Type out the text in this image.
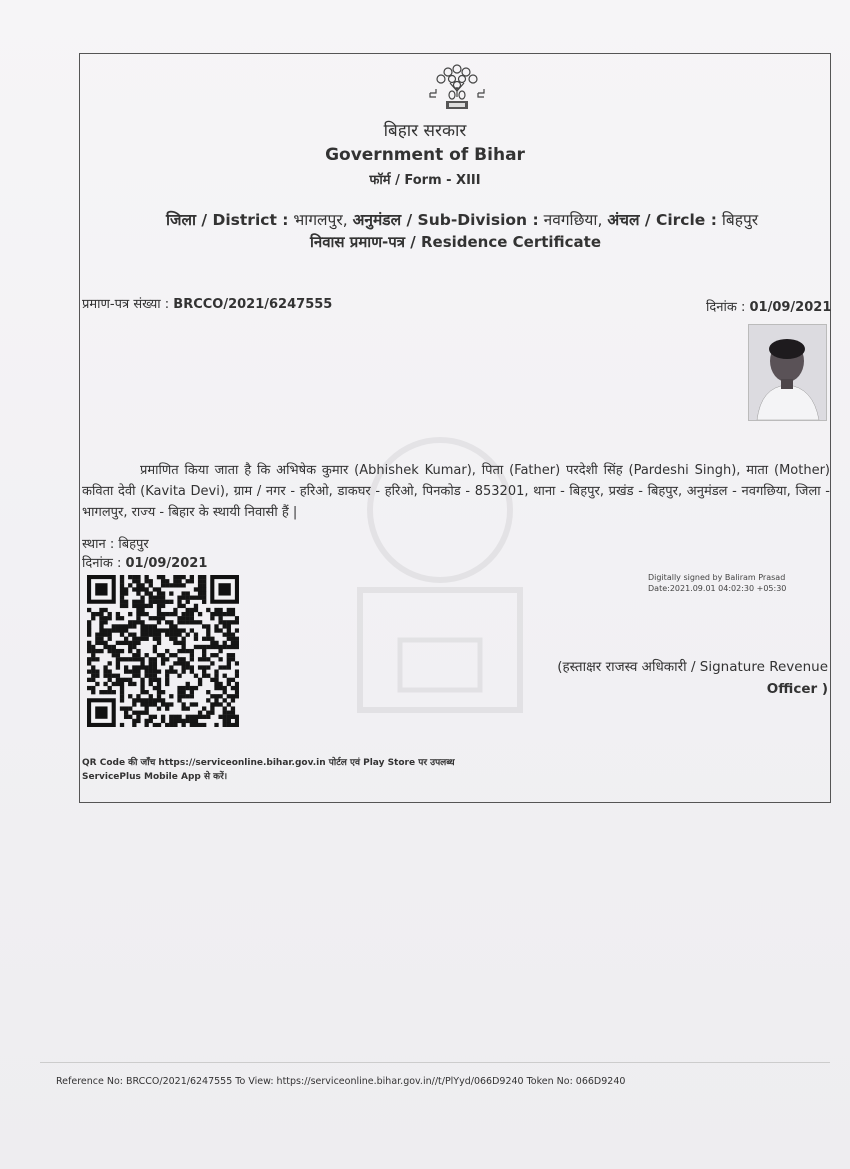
बिहार सरकार
Government of Bihar
फॉर्म / Form - XIII
जिला / District : भागलपुर, अनुमंडल / Sub-Division : नवगछिया, अंचल / Circle : बिहपुर
निवास प्रमाण-पत्र / Residence Certificate
प्रमाण-पत्र संख्या : BRCCO/2021/6247555	दिनांक : 01/09/2021

प्रमाणित किया जाता है कि अभिषेक कुमार (Abhishek Kumar), पिता (Father) परदेशी सिंह (Pardeshi Singh), माता (Mother) कविता देवी (Kavita Devi), ग्राम / नगर - हरिओ, डाकघर - हरिओ, पिनकोड - 853201, थाना - बिहपुर, प्रखंड - बिहपुर, अनुमंडल - नवगछिया, जिला - भागलपुर, राज्य - बिहार के स्थायी निवासी हैं |

स्थान : बिहपुर
दिनांक : 01/09/2021
Digitally signed by Baliram Prasad
Date:2021.09.01 04:02:30 +05:30
(हस्ताक्षर राजस्व अधिकारी / Signature Revenue
Officer )
QR Code की जाँच https://serviceonline.bihar.gov.in पोर्टल एवं Play Store पर उपलब्ध
ServicePlus Mobile App से करें।
Reference No: BRCCO/2021/6247555 To View: https://serviceonline.bihar.gov.in//t/PlYyd/066D9240 Token No: 066D9240
